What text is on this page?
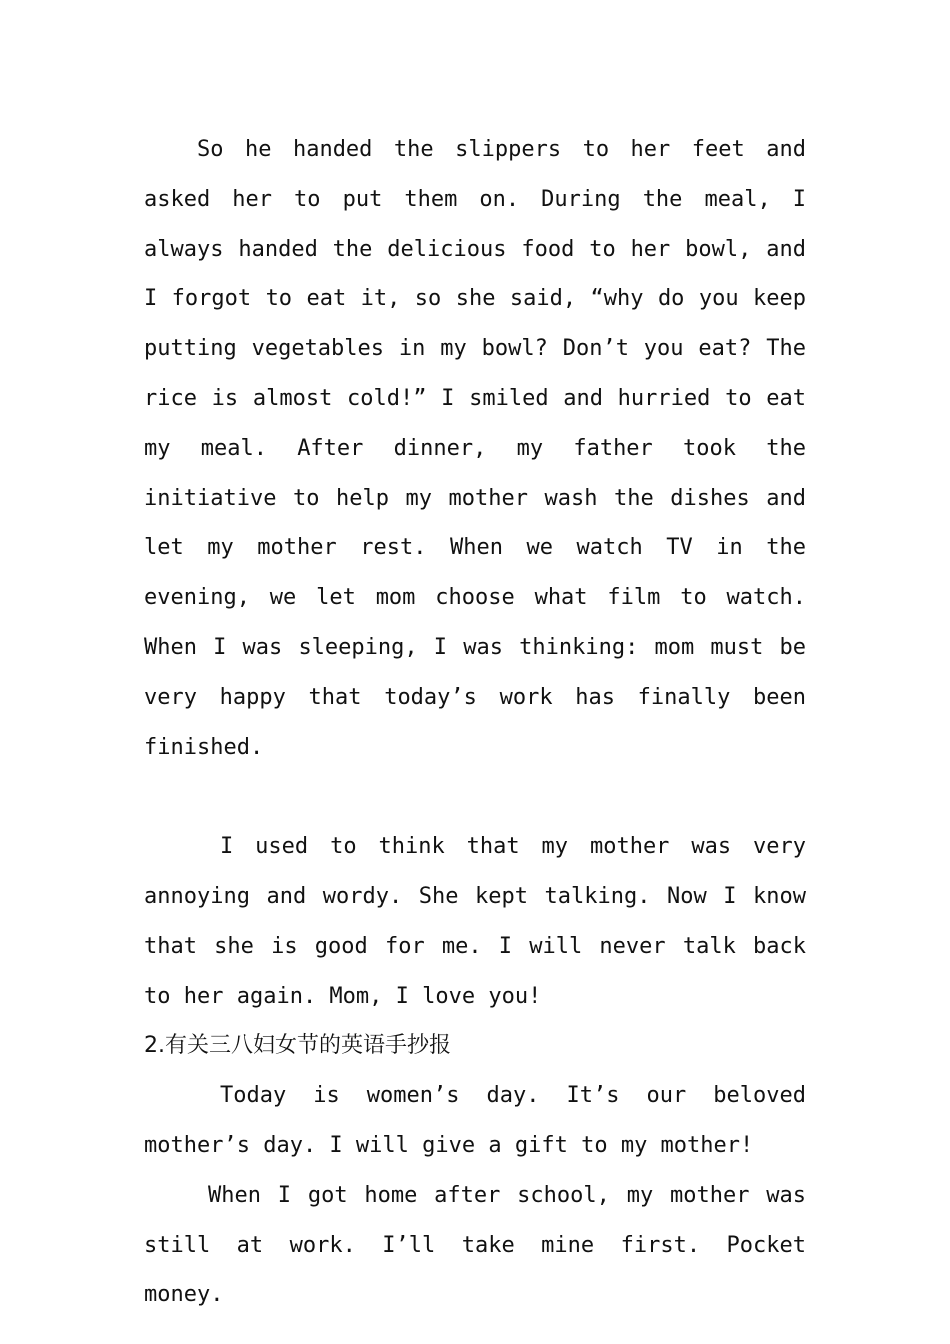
So he handed the slippers to her feet and asked her to put them on. During the meal, I always handed the delicious food to her bowl, and I forgot to eat it, so she said, “why do you keep putting vegetables in my bowl? Don’t you eat? The rice is almost cold!” I smiled and hurried to eat my meal. After dinner, my father took the initiative to help my mother wash the dishes and let my mother rest. When we watch TV in the evening, we let mom choose what film to watch. When I was sleeping, I was thinking: mom must be very happy that today’s work has finally been finished.

I used to think that my mother was very annoying and wordy. She kept talking. Now I know that she is good for me. I will never talk back to her again. Mom, I love you!

2.有关三八妇女节的英语手抄报

Today is women’s day. It’s our beloved mother’s day. I will give a gift to my mother!

When I got home after school, my mother was still at work. I’ll take mine first. Pocket money.
